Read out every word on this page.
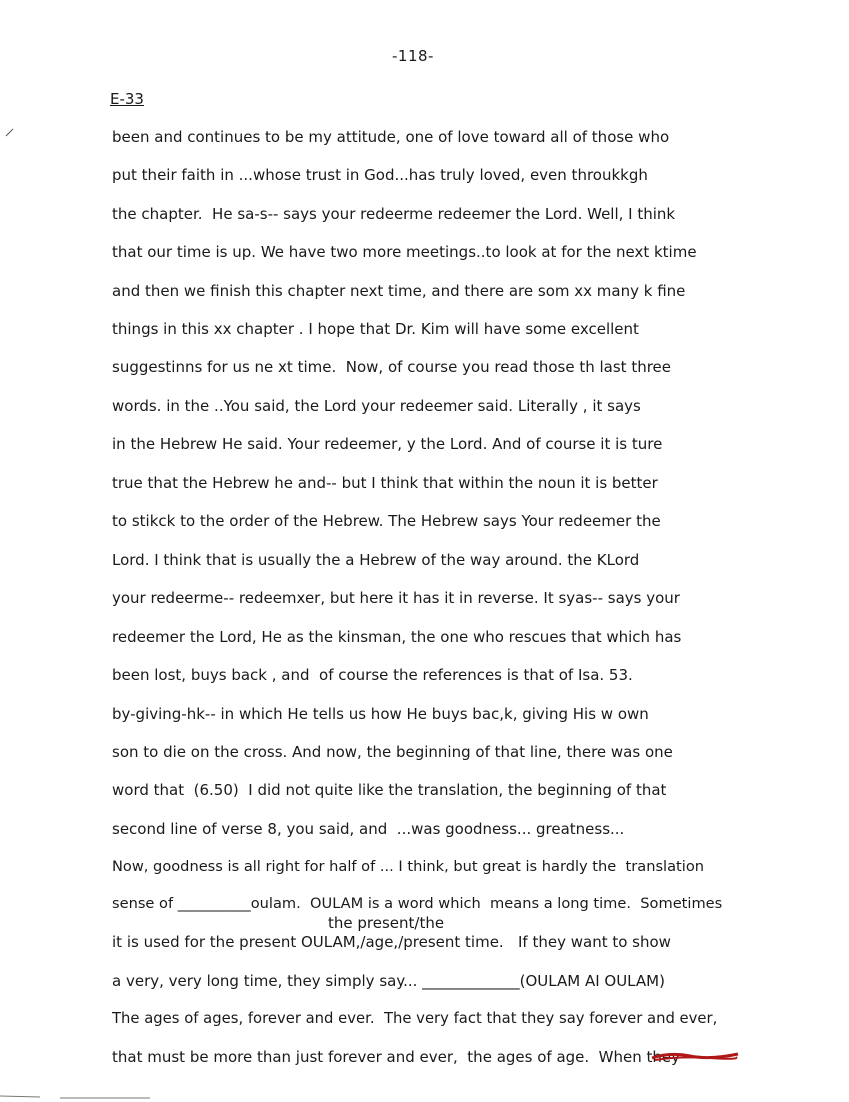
-118-
E-33
been and continues to be my attitude, one of love toward all of those who
put their faith in ...whose trust in God...has truly loved, even throukkgh
the chapter.  He sa-s-- says your redeerme redeemer the Lord. Well, I think
that our time is up. We have two more meetings..to look at for the next ktime
and then we finish this chapter next time, and there are som xx many k fine
things in this xx chapter . I hope that Dr. Kim will have some excellent
suggestinns for us ne xt time.  Now, of course you read those th last three
words. in the ..You said, the Lord your redeemer said. Literally , it says
in the Hebrew He said. Your redeemer, y the Lord. And of course it is ture
true that the Hebrew he and-- but I think that within the noun it is better
to stikck to the order of the Hebrew. The Hebrew says Your redeemer the
Lord. I think that is usually the a Hebrew of the way around. the KLord
your redeerme-- redeemxer, but here it has it in reverse. It syas-- says your
redeemer the Lord, He as the kinsman, the one who rescues that which has
been lost, buys back , and  of course the references is that of Isa. 53.
by-giving-hk-- in which He tells us how He buys bac,k, giving His w own
son to die on the cross. And now, the beginning of that line, there was one
word that  (6.50)  I did not quite like the translation, the beginning of that
second line of verse 8, you said, and  ...was goodness... greatness...
Now, goodness is all right for half of ... I think, but great is hardly the  translation
sense of __________oulam.  OULAM is a word which  means a long time.  Sometimes
the present/the
it is used for the present OULAM,/age,/present time.   If they want to show
a very, very long time, they simply say... _____________(OULAM AI OULAM)
The ages of ages, forever and ever.  The very fact that they say forever and ever,
that must be more than just forever and ever,  the ages of age.  When they
